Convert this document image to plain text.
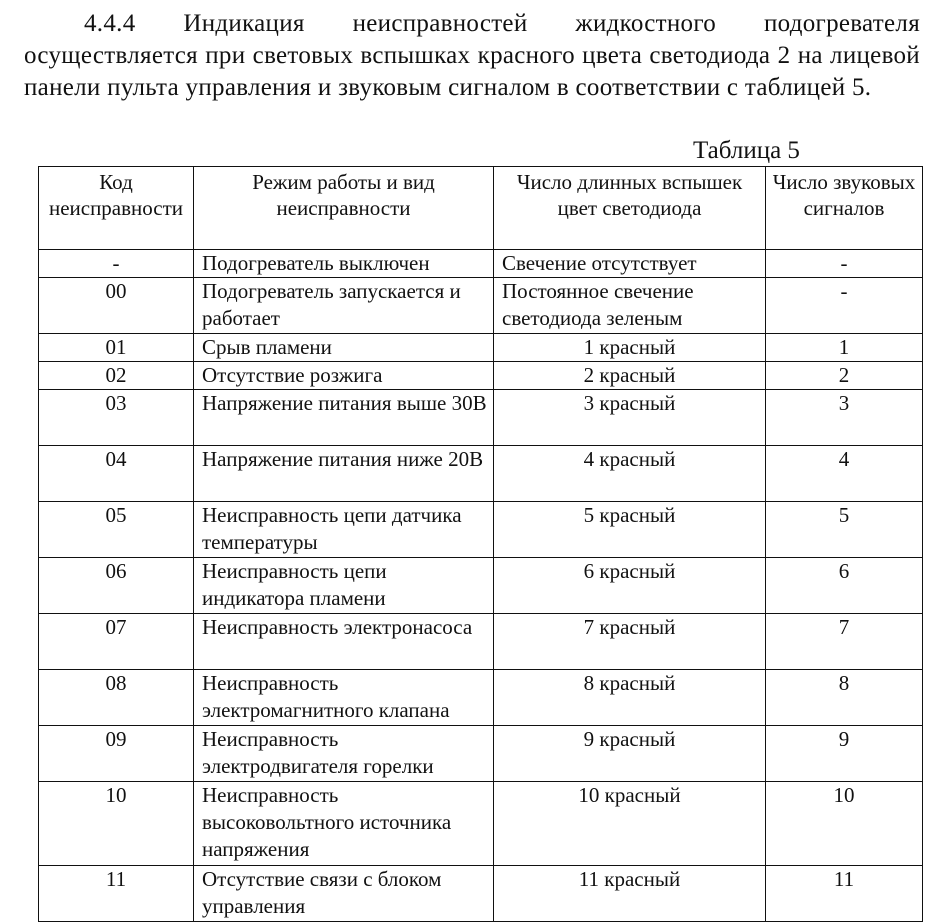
4.4.4 Индикация неисправностей жидкостного подогревателя осуществляется при световых вспышках красного цвета светодиода 2 на лицевой панели пульта управления и звуковым сигналом в соответствии с таблицей 5.

Таблица 5
Код неисправности	Режим работы и вид неисправности	Число длинных вспышек цвет светодиода	Число звуковых сигналов
-	Подогреватель выключен	Свечение отсутствует	-
00	Подогреватель запускается и работает	Постоянное свечение светодиода зеленым	-
01	Срыв пламени	1 красный	1
02	Отсутствие розжига	2 красный	2
03	Напряжение питания выше 30В	3 красный	3
04	Напряжение питания ниже 20В	4 красный	4
05	Неисправность цепи датчика температуры	5 красный	5
06	Неисправность цепи индикатора пламени	6 красный	6
07	Неисправность электронасоса	7 красный	7
08	Неисправность электромагнитного клапана	8 красный	8
09	Неисправность электродвигателя горелки	9 красный	9
10	Неисправность высоковольтного источника напряжения	10 красный	10
11	Отсутствие связи с блоком управления	11 красный	11
